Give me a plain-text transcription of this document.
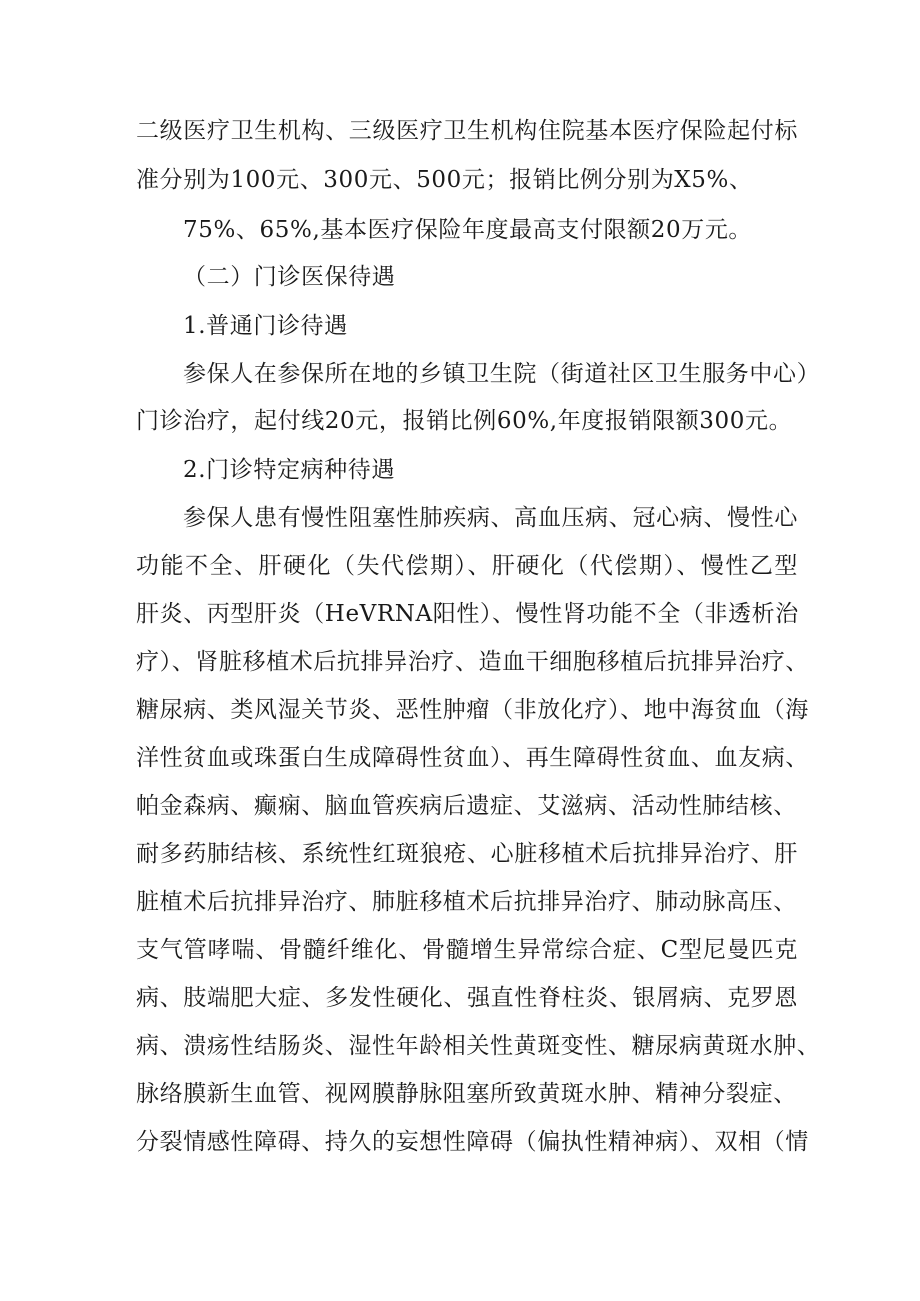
二级医疗卫生机构、三级医疗卫生机构住院基本医疗保险起付标

准分别为100元、300元、500元；报销比例分别为X5%、

75%、65%,基本医疗保险年度最高支付限额20万元。

（二）门诊医保待遇

1.普通门诊待遇

参保人在参保所在地的乡镇卫生院（街道社区卫生服务中心）

门诊治疗，起付线20元，报销比例60%,年度报销限额300元。

2.门诊特定病种待遇

参保人患有慢性阻塞性肺疾病、高血压病、冠心病、慢性心

功能不全、肝硬化（失代偿期）、肝硬化（代偿期）、慢性乙型

肝炎、丙型肝炎（HeVRNA阳性）、慢性肾功能不全（非透析治

疗）、肾脏移植术后抗排异治疗、造血干细胞移植后抗排异治疗、

糖尿病、类风湿关节炎、恶性肿瘤（非放化疗）、地中海贫血（海

洋性贫血或珠蛋白生成障碍性贫血）、再生障碍性贫血、血友病、

帕金森病、癫痫、脑血管疾病后遗症、艾滋病、活动性肺结核、

耐多药肺结核、系统性红斑狼疮、心脏移植术后抗排异治疗、肝

脏植术后抗排异治疗、肺脏移植术后抗排异治疗、肺动脉高压、

支气管哮喘、骨髓纤维化、骨髓增生异常综合症、C型尼曼匹克

病、肢端肥大症、多发性硬化、强直性脊柱炎、银屑病、克罗恩

病、溃疡性结肠炎、湿性年龄相关性黄斑变性、糖尿病黄斑水肿、

脉络膜新生血管、视网膜静脉阻塞所致黄斑水肿、精神分裂症、

分裂情感性障碍、持久的妄想性障碍（偏执性精神病）、双相（情
